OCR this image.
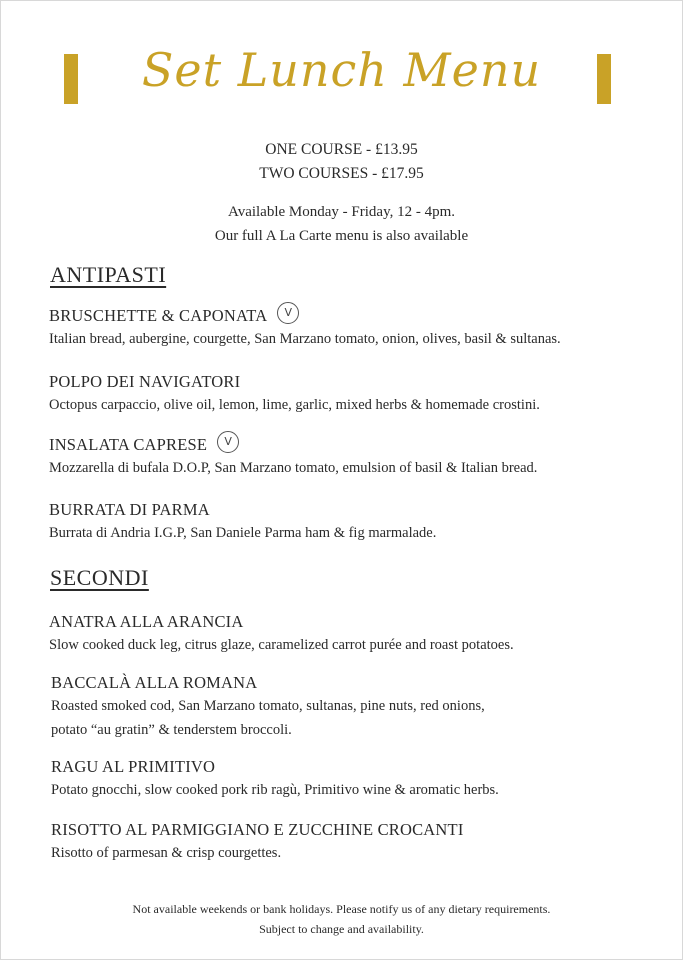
Set Lunch Menu
ONE COURSE - £13.95
TWO COURSES - £17.95
Available Monday - Friday, 12 - 4pm.
Our full A La Carte menu is also available
ANTIPASTI
BRUSCHETTE & CAPONATA	V
Italian bread, aubergine, courgette, San Marzano tomato, onion, olives, basil & sultanas.
POLPO DEI NAVIGATORI
Octopus carpaccio, olive oil, lemon, lime, garlic, mixed herbs & homemade crostini.
INSALATA CAPRESE	V
Mozzarella di bufala D.O.P, San Marzano tomato, emulsion of basil & Italian bread.
BURRATA DI PARMA
Burrata di Andria I.G.P, San Daniele Parma ham & fig marmalade.
SECONDI
ANATRA ALLA ARANCIA
Slow cooked duck leg, citrus glaze, caramelized carrot purée and roast potatoes.
BACCALÀ ALLA ROMANA
Roasted smoked cod, San Marzano tomato, sultanas, pine nuts, red onions,
potato “au gratin” & tenderstem broccoli.
RAGU AL PRIMITIVO
Potato gnocchi, slow cooked pork rib ragù, Primitivo wine & aromatic herbs.
RISOTTO AL PARMIGGIANO E ZUCCHINE CROCANTI
Risotto of parmesan & crisp courgettes.
Not available weekends or bank holidays. Please notify us of any dietary requirements.
Subject to change and availability.
